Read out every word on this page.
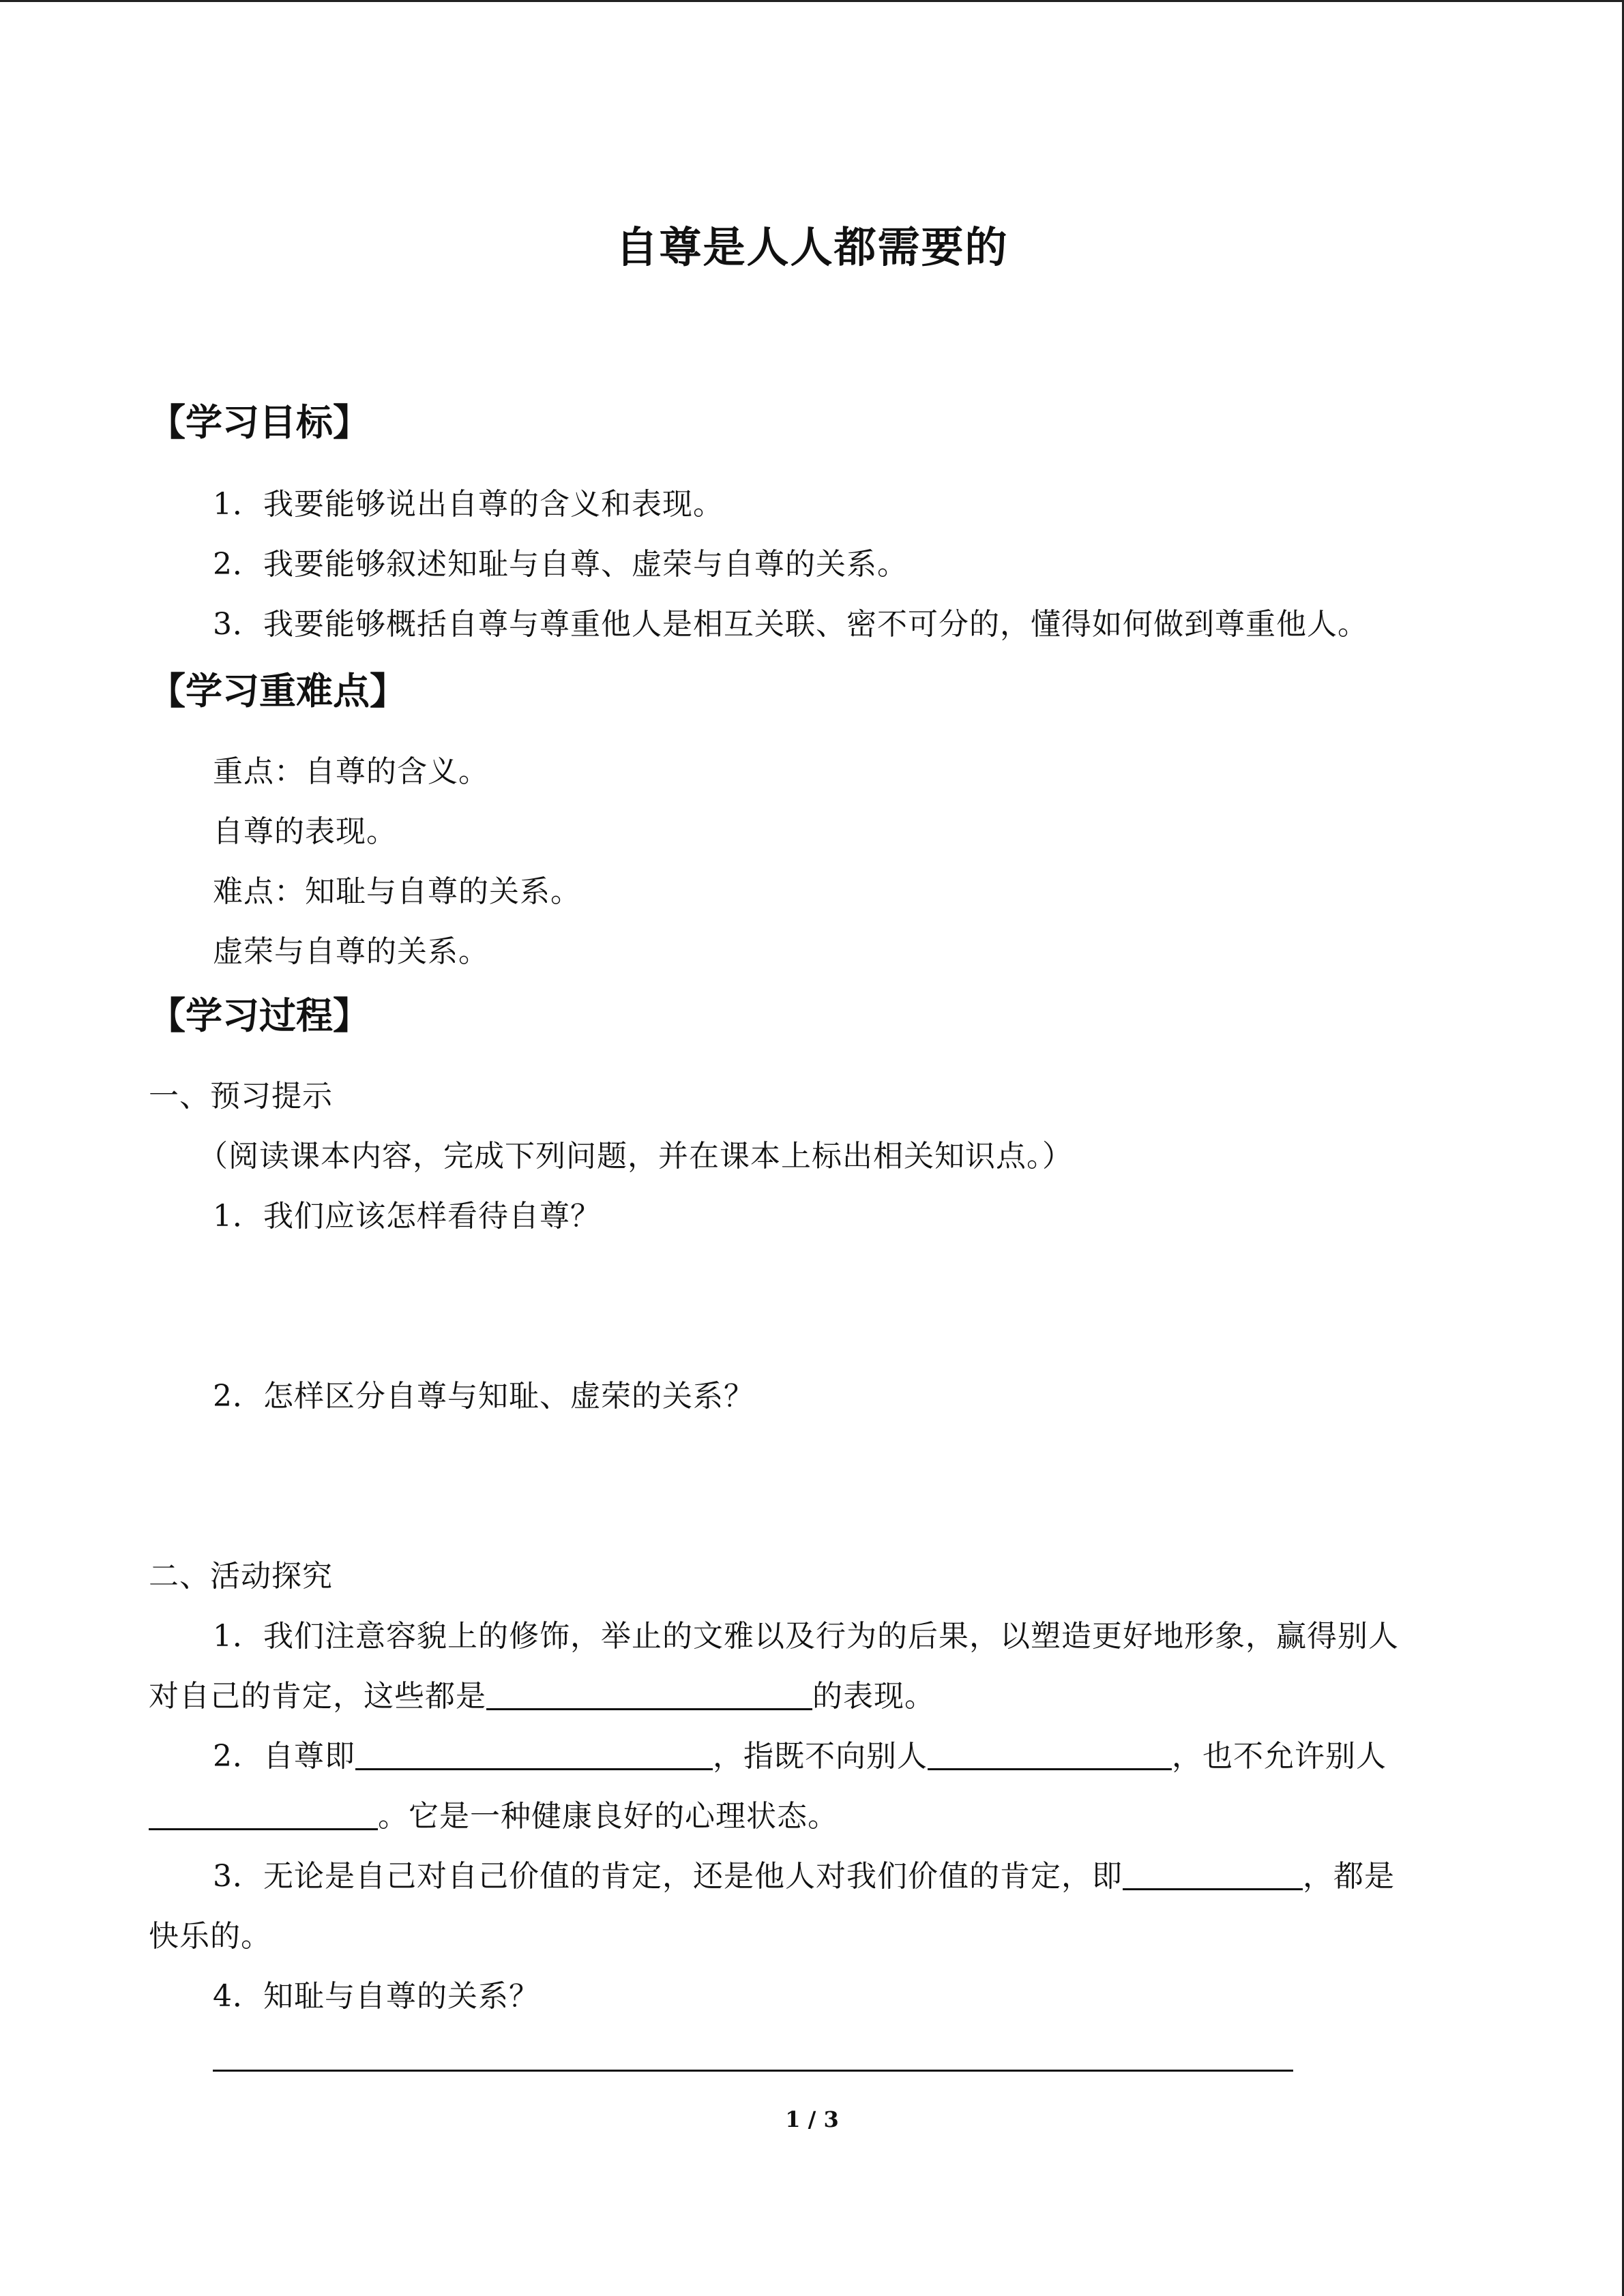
自尊是人人都需要的
【学习目标】
1．我要能够说出自尊的含义和表现。
2．我要能够叙述知耻与自尊、虚荣与自尊的关系。
3．我要能够概括自尊与尊重他人是相互关联、密不可分的，懂得如何做到尊重他人。
【学习重难点】
重点：自尊的含义。
自尊的表现。
难点：知耻与自尊的关系。
虚荣与自尊的关系。
【学习过程】
一、预习提示
（阅读课本内容，完成下列问题，并在课本上标出相关知识点。）
1．我们应该怎样看待自尊？
2．怎样区分自尊与知耻、虚荣的关系？
二、活动探究
1．我们注意容貌上的修饰，举止的文雅以及行为的后果，以塑造更好地形象，赢得别人
对自己的肯定，这些都是	的表现。
2．自尊即	，指既不向别人	，也不允许别人
。它是一种健康良好的心理状态。
3．无论是自己对自己价值的肯定，还是他人对我们价值的肯定，即	，都是
快乐的。
4．知耻与自尊的关系？
1 / 3
